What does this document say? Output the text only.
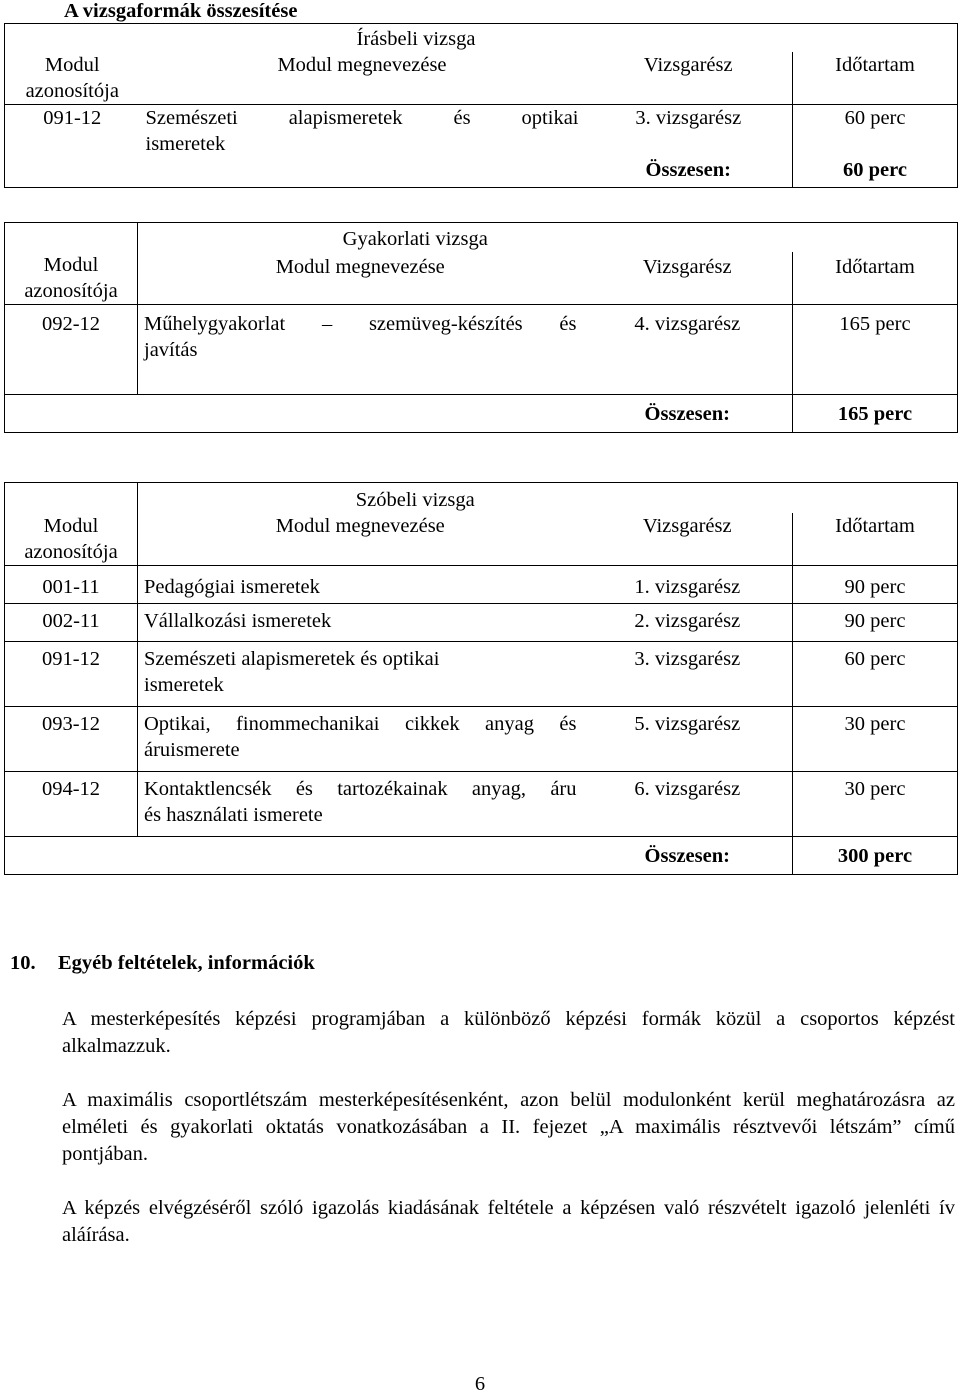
A vizsgaformák összesítése
	Írásbeli vizsga		
Modul
azonosítója	Modul megnevezése	Vizsgarész	Időtartam
091-12	Szemészeti alapismeretek és optikai
ismeretek	3. vizsgarész	60 perc
		Összesen:	60 perc
	Gyakorlati vizsga		
Modul
azonosítója	Modul megnevezése	Vizsgarész	Időtartam
092-12	Műhelygyakorlat – szemüveg-készítés és
javítás	4. vizsgarész	165 perc
		Összesen:	165 perc
	Szóbeli vizsga		
Modul
azonosítója	Modul megnevezése	Vizsgarész	Időtartam
001-11	Pedagógiai ismeretek	1. vizsgarész	90 perc
002-11	Vállalkozási ismeretek	2. vizsgarész	90 perc
091-12	Szemészeti alapismeretek és optikai
ismeretek	3. vizsgarész	60 perc
093-12	Optikai, finommechanikai cikkek anyag és
áruismerete	5. vizsgarész	30 perc
094-12	Kontaktlencsék és tartozékainak anyag, áru
és használati ismerete	6. vizsgarész	30 perc
		Összesen:	300 perc
10. Egyéb feltételek, információk
A mesterképesítés képzési programjában a különböző képzési formák közül a csoportos képzést alkalmazzuk.
A maximális csoportlétszám mesterképesítésenként, azon belül modulonként kerül meghatározásra az elméleti és gyakorlati oktatás vonatkozásában a II. fejezet „A maximális résztvevői létszám” című pontjában.
A képzés elvégzéséről szóló igazolás kiadásának feltétele a képzésen való részvételt igazoló jelenléti ív aláírása.
6
